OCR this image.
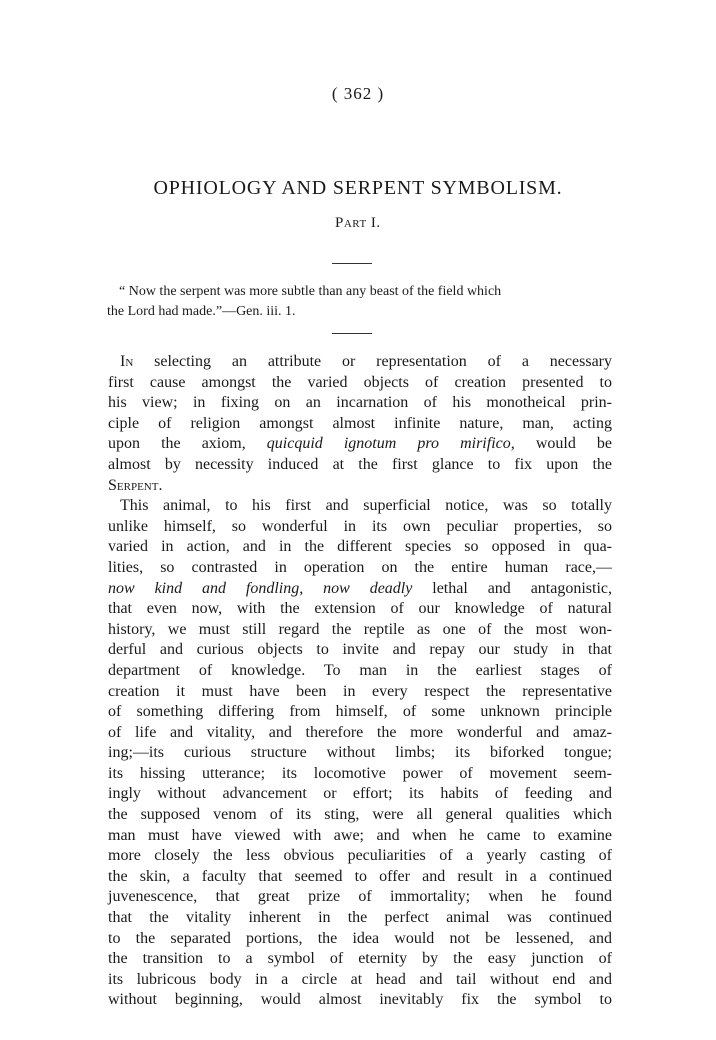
( 362 )
OPHIOLOGY AND SERPENT SYMBOLISM.
Part I.
“ Now the serpent was more subtle than any beast of the field which
the Lord had made.”—Gen. iii. 1.
In selecting an attribute or representation of a necessary
first cause amongst the varied objects of creation presented to
his view; in fixing on an incarnation of his monotheical prin-
ciple of religion amongst almost infinite nature, man, acting
upon the axiom, quicquid ignotum pro mirifico, would be
almost by necessity induced at the first glance to fix upon the
Serpent.
This animal, to his first and superficial notice, was so totally
unlike himself, so wonderful in its own peculiar properties, so
varied in action, and in the different species so opposed in qua-
lities, so contrasted in operation on the entire human race,—
now kind and fondling, now deadly lethal and antagonistic,
that even now, with the extension of our knowledge of natural
history, we must still regard the reptile as one of the most won-
derful and curious objects to invite and repay our study in that
department of knowledge. To man in the earliest stages of
creation it must have been in every respect the representative
of something differing from himself, of some unknown principle
of life and vitality, and therefore the more wonderful and amaz-
ing;—its curious structure without limbs; its biforked tongue;
its hissing utterance; its locomotive power of movement seem-
ingly without advancement or effort; its habits of feeding and
the supposed venom of its sting, were all general qualities which
man must have viewed with awe; and when he came to examine
more closely the less obvious peculiarities of a yearly casting of
the skin, a faculty that seemed to offer and result in a continued
juvenescence, that great prize of immortality; when he found
that the vitality inherent in the perfect animal was continued
to the separated portions, the idea would not be lessened, and
the transition to a symbol of eternity by the easy junction of
its lubricous body in a circle at head and tail without end and
without beginning, would almost inevitably fix the symbol to
